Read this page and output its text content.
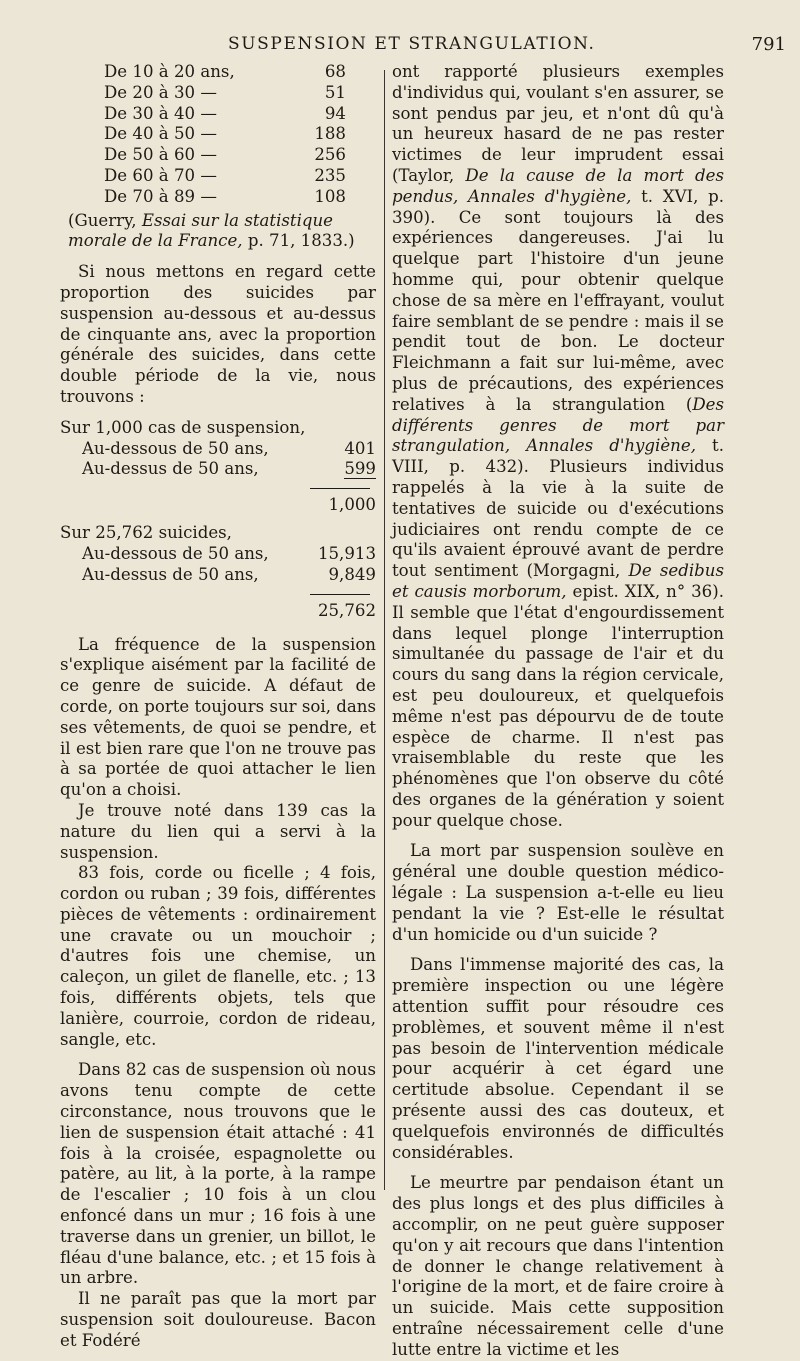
SUSPENSION ET STRANGULATION.	791
De 10 à 20 ans,	68
De 20 à 30 —	51
De 30 à 40 —	94
De 40 à 50 —	188
De 50 à 60 —	256
De 60 à 70 —	235
De 70 à 89 —	108

(Guerry, Essai sur la statistique morale de la France, p. 71, 1833.)

Si nous mettons en regard cette proportion des suicides par suspension au-dessous et au-dessus de cinquante ans, avec la proportion générale des suicides, dans cette double période de la vie, nous trouvons :

Sur 1,000 cas de suspension,
Au-dessous de 50 ans,	401
Au-dessus de 50 ans,	599
1,000
Sur 25,762 suicides,
Au-dessous de 50 ans,	15,913
Au-dessus de 50 ans,	9,849
25,762

La fréquence de la suspension s'explique aisément par la facilité de ce genre de suicide. A défaut de corde, on porte toujours sur soi, dans ses vêtements, de quoi se pendre, et il est bien rare que l'on ne trouve pas à sa portée de quoi attacher le lien qu'on a choisi.

Je trouve noté dans 139 cas la nature du lien qui a servi à la suspension.

83 fois, corde ou ficelle ; 4 fois, cordon ou ruban ; 39 fois, différentes pièces de vêtements : ordinairement une cravate ou un mouchoir ; d'autres fois une chemise, un caleçon, un gilet de flanelle, etc. ; 13 fois, différents objets, tels que lanière, courroie, cordon de rideau, sangle, etc.

Dans 82 cas de suspension où nous avons tenu compte de cette circonstance, nous trouvons que le lien de suspension était attaché : 41 fois à la croisée, espagnolette ou patère, au lit, à la porte, à la rampe de l'escalier ; 10 fois à un clou enfoncé dans un mur ; 16 fois à une traverse dans un grenier, un billot, le fléau d'une balance, etc. ; et 15 fois à un arbre.

Il ne paraît pas que la mort par suspension soit douloureuse. Bacon et Fodéré

ont rapporté plusieurs exemples d'individus qui, voulant s'en assurer, se sont pendus par jeu, et n'ont dû qu'à un heureux hasard de ne pas rester victimes de leur imprudent essai (Taylor, De la cause de la mort des pendus, Annales d'hygiène, t. XVI, p. 390). Ce sont toujours là des expériences dangereuses. J'ai lu quelque part l'histoire d'un jeune homme qui, pour obtenir quelque chose de sa mère en l'effrayant, voulut faire semblant de se pendre : mais il se pendit tout de bon. Le docteur Fleichmann a fait sur lui-même, avec plus de précautions, des expériences relatives à la strangulation (Des différents genres de mort par strangulation, Annales d'hygiène, t. VIII, p. 432). Plusieurs individus rappelés à la vie à la suite de tentatives de suicide ou d'exécutions judiciaires ont rendu compte de ce qu'ils avaient éprouvé avant de perdre tout sentiment (Morgagni, De sedibus et causis morborum, epist. XIX, n° 36). Il semble que l'état d'engourdissement dans lequel plonge l'interruption simultanée du passage de l'air et du cours du sang dans la région cervicale, est peu douloureux, et quelquefois même n'est pas dépourvu de de toute espèce de charme. Il n'est pas vraisemblable du reste que les phénomènes que l'on observe du côté des organes de la génération y soient pour quelque chose.

La mort par suspension soulève en général une double question médico-légale : La suspension a-t-elle eu lieu pendant la vie ? Est-elle le résultat d'un homicide ou d'un suicide ?

Dans l'immense majorité des cas, la première inspection ou une légère attention suffit pour résoudre ces problèmes, et souvent même il n'est pas besoin de l'intervention médicale pour acquérir à cet égard une certitude absolue. Cependant il se présente aussi des cas douteux, et quelquefois environnés de difficultés considérables.

Le meurtre par pendaison étant un des plus longs et des plus difficiles à accomplir, on ne peut guère supposer qu'on y ait recours que dans l'intention de donner le change relativement à l'origine de la mort, et de faire croire à un suicide. Mais cette supposition entraîne nécessairement celle d'une lutte entre la victime et les
